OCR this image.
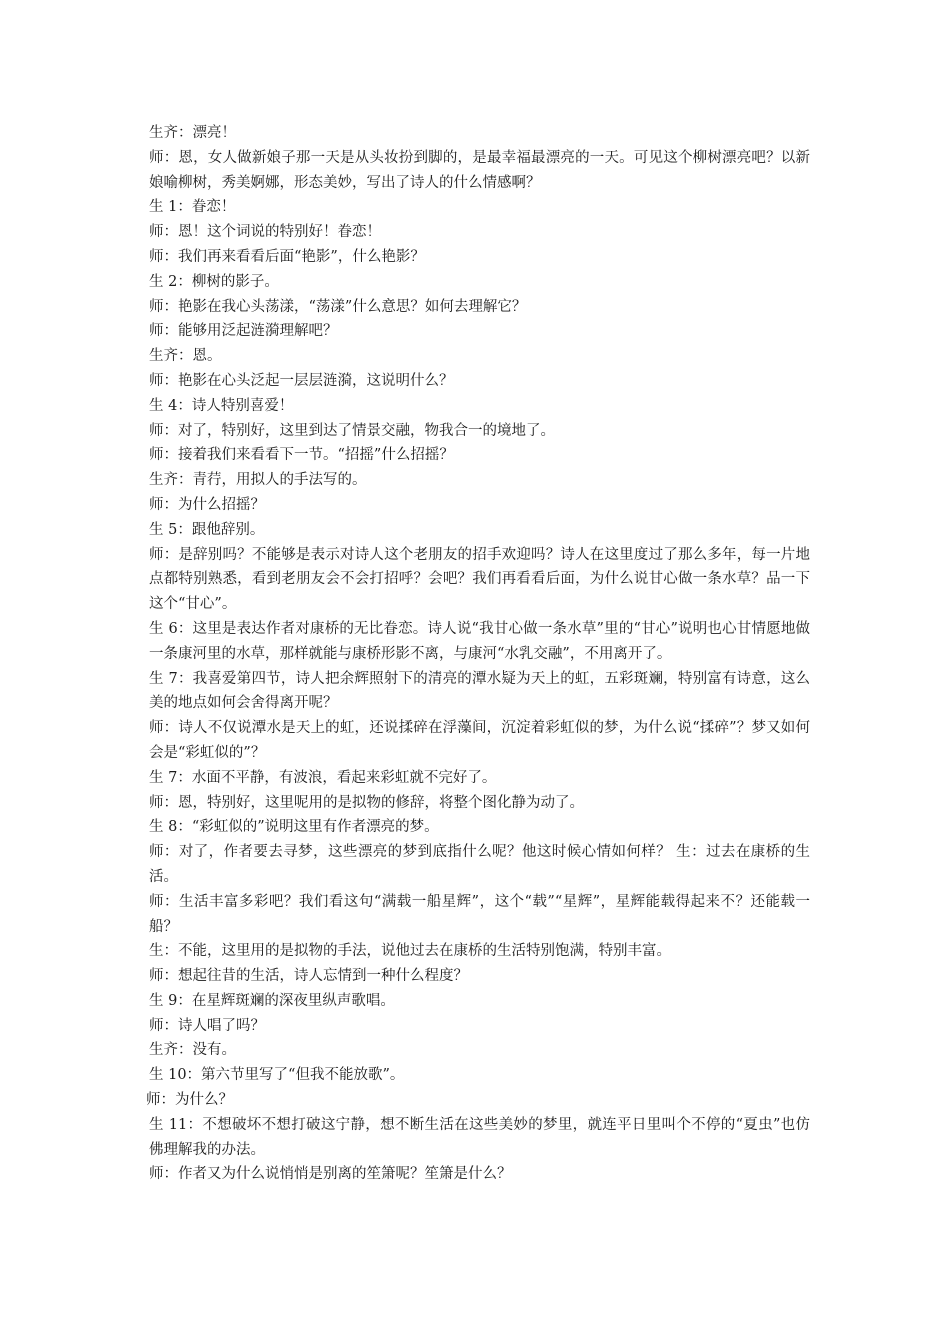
生齐：漂亮！
师：恩，女人做新娘子那一天是从头妆扮到脚的，是最幸福最漂亮的一天。可见这个柳树漂亮吧？以新娘喻柳树，秀美婀娜，形态美妙，写出了诗人的什么情感啊？
生 1：眷恋！
师：恩！这个词说的特别好！眷恋！
师：我们再来看看后面“艳影”，什么艳影？
生 2：柳树的影子。
师：艳影在我心头荡漾，“荡漾”什么意思？如何去理解它？
师：能够用泛起涟漪理解吧？
生齐：恩。
师：艳影在心头泛起一层层涟漪，这说明什么？
生 4：诗人特别喜爱！
师：对了，特别好，这里到达了情景交融，物我合一的境地了。
师：接着我们来看看下一节。“招摇”什么招摇？
生齐：青荇，用拟人的手法写的。
师：为什么招摇？
生 5：跟他辞别。
师：是辞别吗？不能够是表示对诗人这个老朋友的招手欢迎吗？诗人在这里度过了那么多年，每一片地点都特别熟悉，看到老朋友会不会打招呼？会吧？我们再看看后面，为什么说甘心做一条水草？品一下这个“甘心”。
生 6：这里是表达作者对康桥的无比眷恋。诗人说“我甘心做一条水草”里的“甘心”说明也心甘情愿地做一条康河里的水草，那样就能与康桥形影不离，与康河“水乳交融”，不用离开了。
生 7：我喜爱第四节，诗人把余辉照射下的清亮的潭水疑为天上的虹，五彩斑斓，特别富有诗意，这么美的地点如何会舍得离开呢？
师：诗人不仅说潭水是天上的虹，还说揉碎在浮藻间，沉淀着彩虹似的梦，为什么说“揉碎”？梦又如何会是“彩虹似的”？
生 7：水面不平静，有波浪，看起来彩虹就不完好了。
师：恩，特别好，这里呢用的是拟物的修辞，将整个图化静为动了。
生 8：“彩虹似的”说明这里有作者漂亮的梦。
师：对了，作者要去寻梦，这些漂亮的梦到底指什么呢？他这时候心情如何样？ 生：过去在康桥的生活。
师：生活丰富多彩吧？我们看这句“满载一船星辉”，这个“载”“星辉”，星辉能载得起来不？还能载一船？
生：不能，这里用的是拟物的手法，说他过去在康桥的生活特别饱满，特别丰富。
师：想起往昔的生活，诗人忘情到一种什么程度？
生 9：在星辉斑斓的深夜里纵声歌唱。
师：诗人唱了吗？
生齐：没有。
生 10：第六节里写了“但我不能放歌”。
师：为什么？
生 11：不想破坏不想打破这宁静，想不断生活在这些美妙的梦里，就连平日里叫个不停的“夏虫”也仿佛理解我的办法。
师：作者又为什么说悄悄是别离的笙箫呢？笙箫是什么？
